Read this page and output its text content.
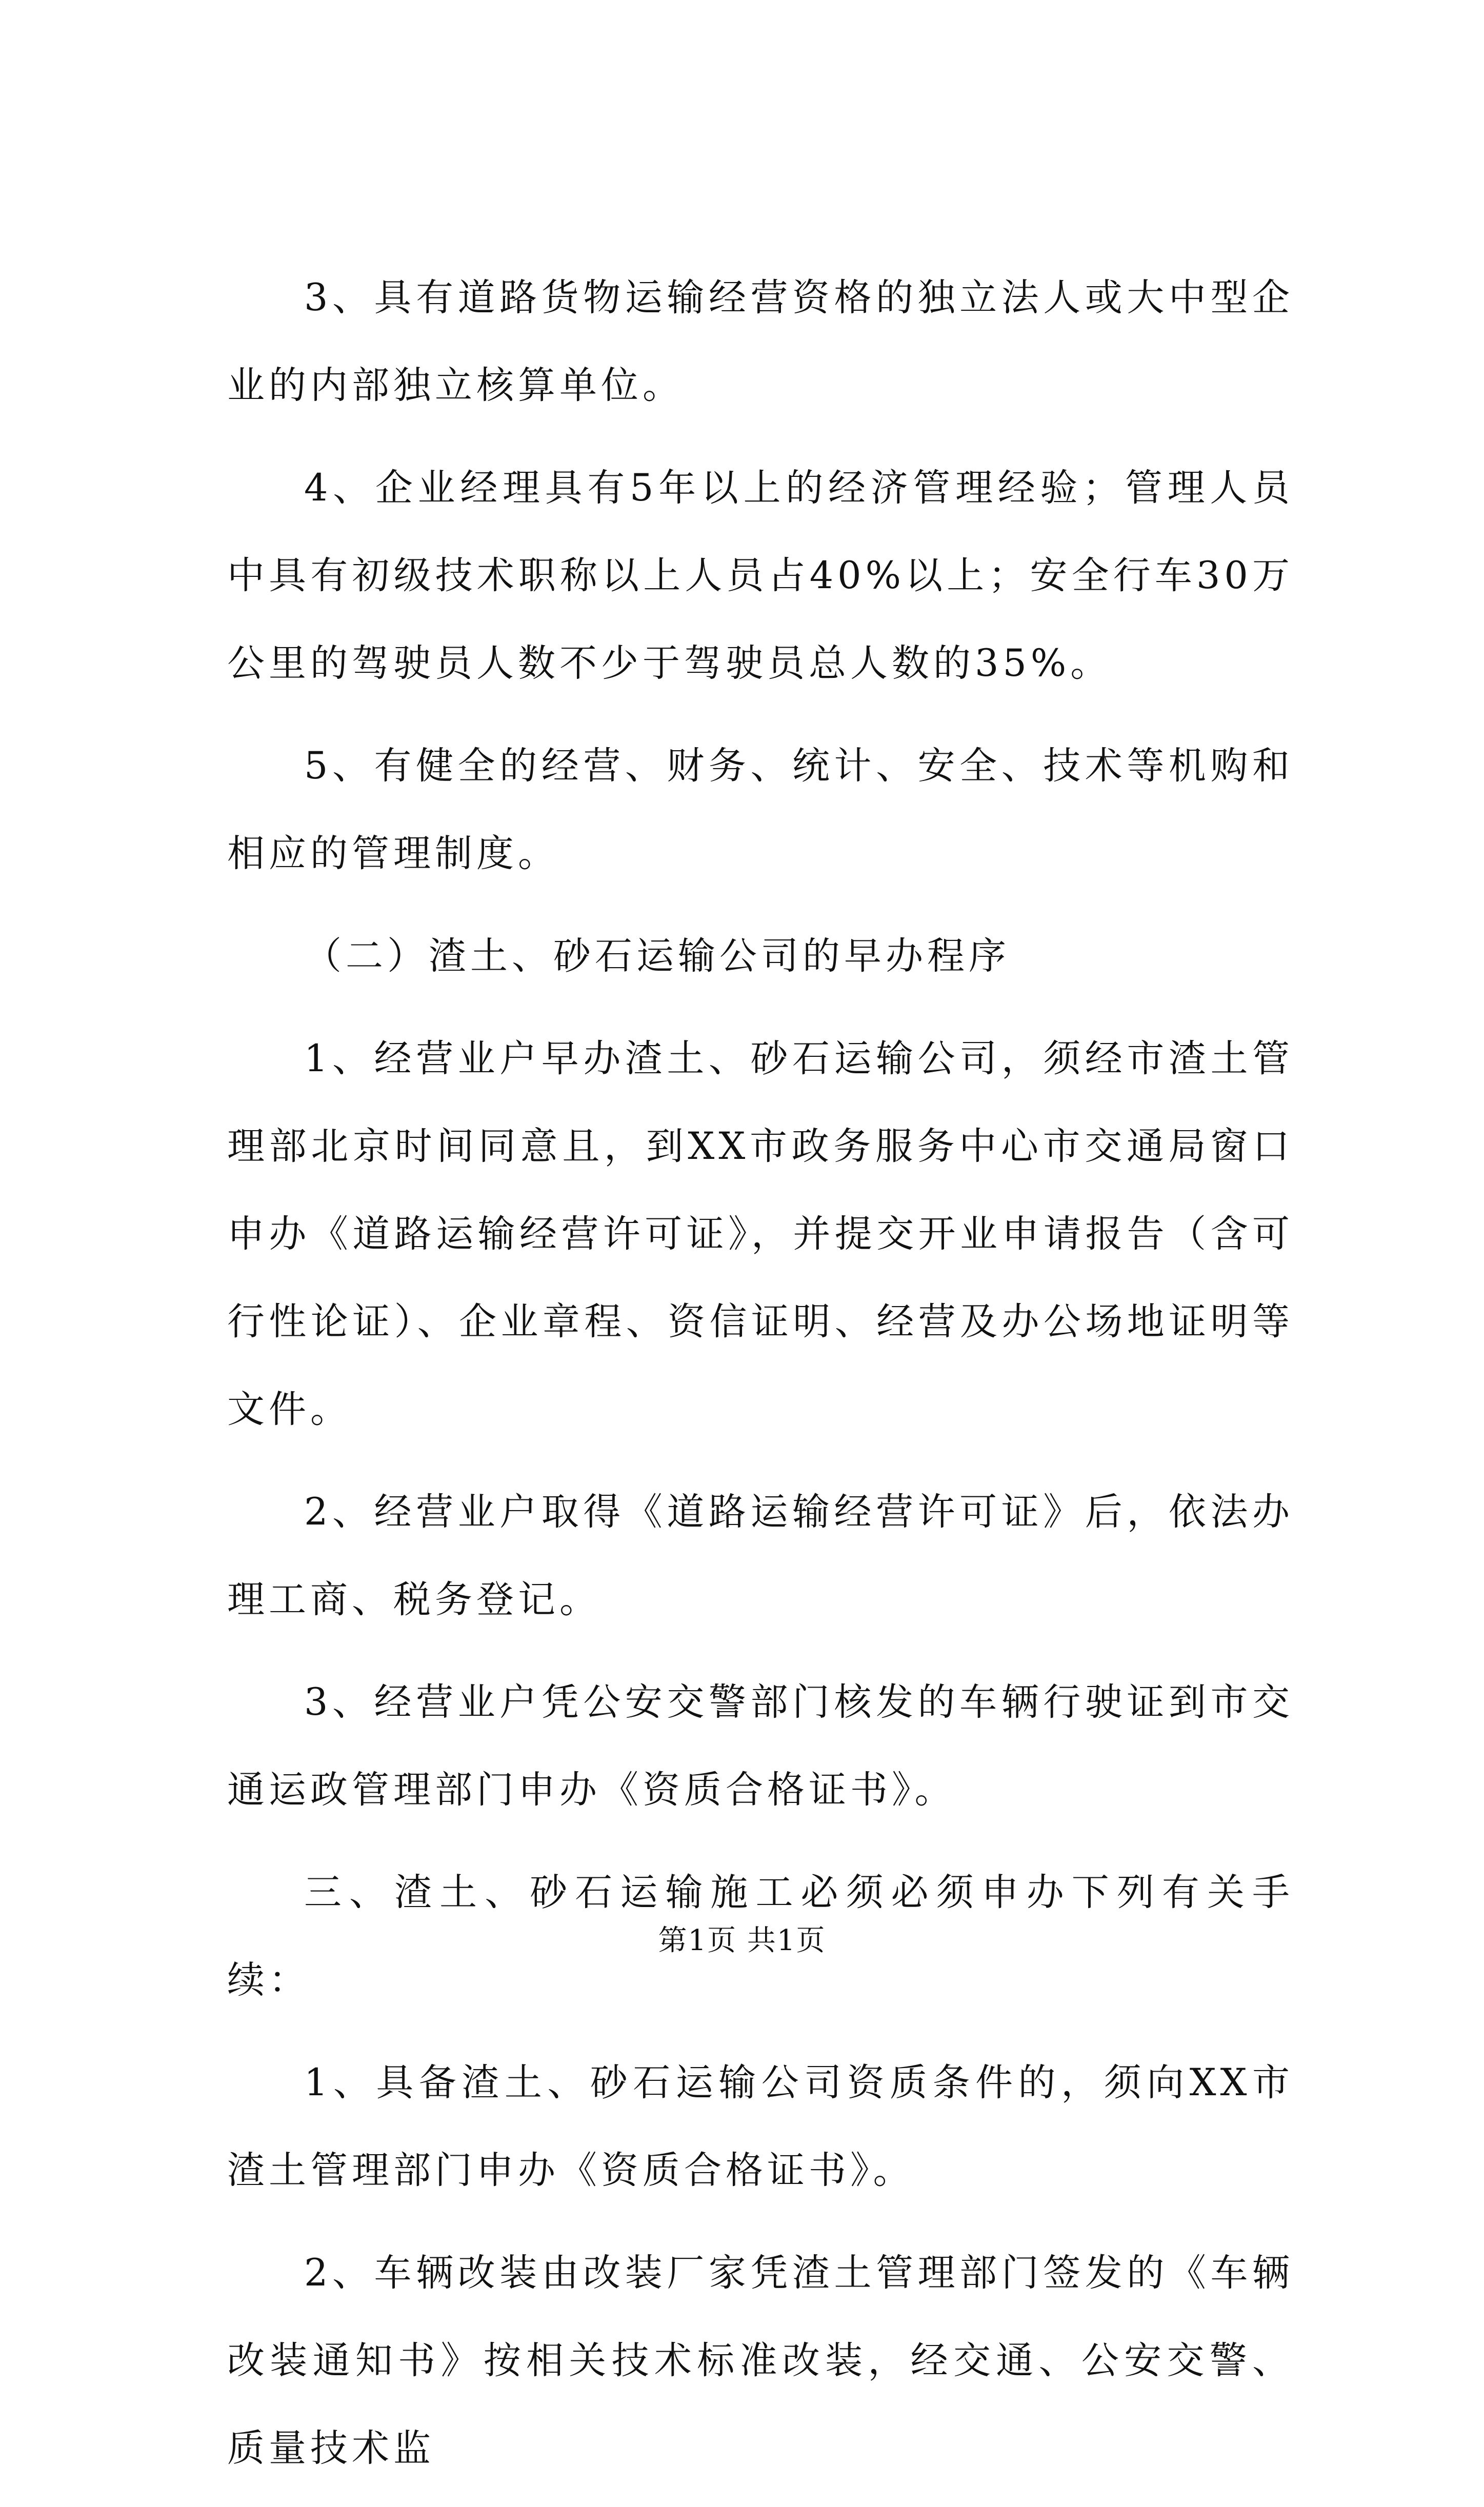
3、具有道路货物运输经营资格的独立法人或大中型企业的内部独立核算单位。

4、企业经理具有5年以上的经济管理经验；管理人员中具有初级技术职称以上人员占40%以上；安全行车30万公里的驾驶员人数不少于驾驶员总人数的35%。

5、有健全的经营、财务、统计、安全、技术等机购和相应的管理制度。

（二）渣土、砂石运输公司的早办程序

1、经营业户早办渣土、砂石运输公司，须经市渣土管理部北京时间同意且，到XX市政务服务中心市交通局窗口申办《道路运输经营许可证》，并提交开业申请报告（含可行性论证）、企业章程、资信证明、经营及办公场地证明等文件。

2、经营业户取得《道路运输经营许可证》后，依法办理工商、税务登记。

3、经营业户凭公安交警部门核发的车辆行驶证到市交通运政管理部门申办《资质合格证书》。

三、渣土、砂石运输施工必须必须申办下列有关手续：

1、具备渣土、砂石运输公司资质条件的，须向XX市渣土管理部门申办《资质合格证书》。

2、车辆改装由改装厂家凭渣土管理部门签发的《车辆改装通知书》按相关技术标准改装，经交通、公安交警、质量技术监

第1页 共1页
